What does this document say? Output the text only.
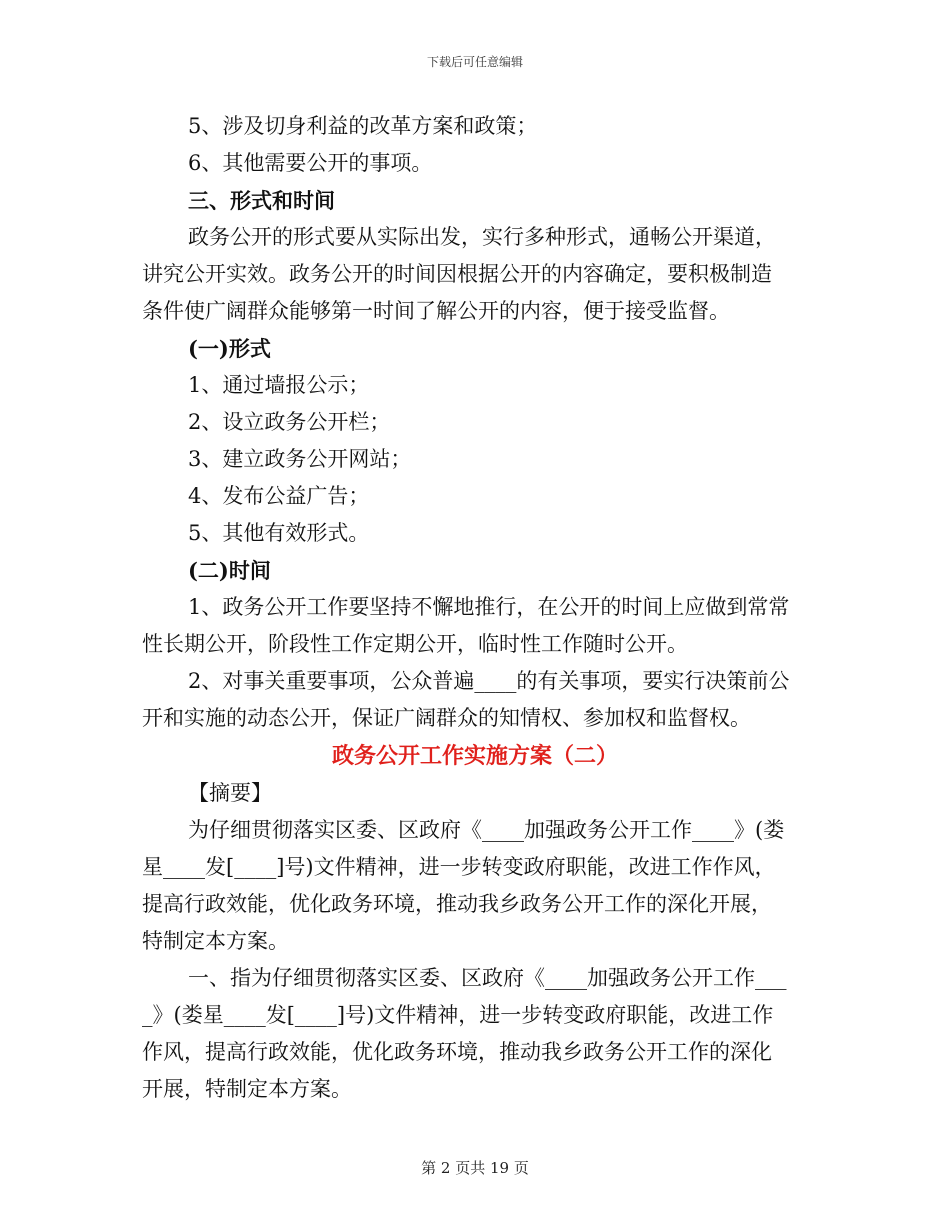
下载后可任意编辑
5、涉及切身利益的改革方案和政策；
6、其他需要公开的事项。
三、形式和时间
政务公开的形式要从实际出发，实行多种形式，通畅公开渠道，
讲究公开实效。政务公开的时间因根据公开的内容确定，要积极制造
条件使广阔群众能够第一时间了解公开的内容，便于接受监督。
(一)形式
1、通过墙报公示；
2、设立政务公开栏；
3、建立政务公开网站；
4、发布公益广告；
5、其他有效形式。
(二)时间
1、政务公开工作要坚持不懈地推行，在公开的时间上应做到常常
性长期公开，阶段性工作定期公开，临时性工作随时公开。
2、对事关重要事项，公众普遍____的有关事项，要实行决策前公
开和实施的动态公开，保证广阔群众的知情权、参加权和监督权。
政务公开工作实施方案（二）
【摘要】
为仔细贯彻落实区委、区政府《____加强政务公开工作____》(娄
星____发[____]号)文件精神，进一步转变政府职能，改进工作作风，
提高行政效能，优化政务环境，推动我乡政务公开工作的深化开展，
特制定本方案。
一、指为仔细贯彻落实区委、区政府《____加强政务公开工作___
_》(娄星____发[____]号)文件精神，进一步转变政府职能，改进工作
作风，提高行政效能，优化政务环境，推动我乡政务公开工作的深化
开展，特制定本方案。
第 2 页共 19 页
